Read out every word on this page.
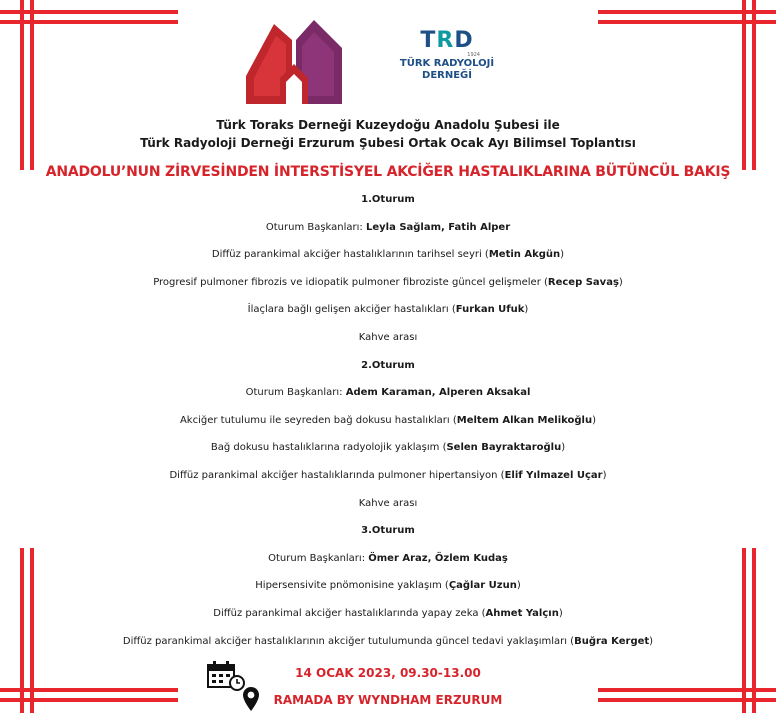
TRD
1924
TÜRK RADYOLOJİ
DERNEĞİ
Türk Toraks Derneği Kuzeydoğu Anadolu Şubesi ile
Türk Radyoloji Derneği Erzurum Şubesi Ortak Ocak Ayı Bilimsel Toplantısı
ANADOLU’NUN ZİRVESİNDEN İNTERSTİSYEL AKCİĞER HASTALIKLARINA BÜTÜNCÜL BAKIŞ
1.Oturum
Oturum Başkanları: Leyla Sağlam, Fatih Alper
Diffüz parankimal akciğer hastalıklarının tarihsel seyri (Metin Akgün)
Progresif pulmoner fibrozis ve idiopatik pulmoner fibroziste güncel gelişmeler (Recep Savaş)
İlaçlara bağlı gelişen akciğer hastalıkları (Furkan Ufuk)
Kahve arası
2.Oturum
Oturum Başkanları: Adem Karaman, Alperen Aksakal
Akciğer tutulumu ile seyreden bağ dokusu hastalıkları (Meltem Alkan Melikoğlu)
Bağ dokusu hastalıklarına radyolojik yaklaşım (Selen Bayraktaroğlu)
Diffüz parankimal akciğer hastalıklarında pulmoner hipertansiyon (Elif Yılmazel Uçar)
Kahve arası
3.Oturum
Oturum Başkanları: Ömer Araz, Özlem Kudaş
Hipersensivite pnömonisine yaklaşım (Çağlar Uzun)
Diffüz parankimal akciğer hastalıklarında yapay zeka (Ahmet Yalçın)
Diffüz parankimal akciğer hastalıklarının akciğer tutulumunda güncel tedavi yaklaşımları (Buğra Kerget)
14 OCAK 2023, 09.30-13.00
RAMADA BY WYNDHAM ERZURUM
